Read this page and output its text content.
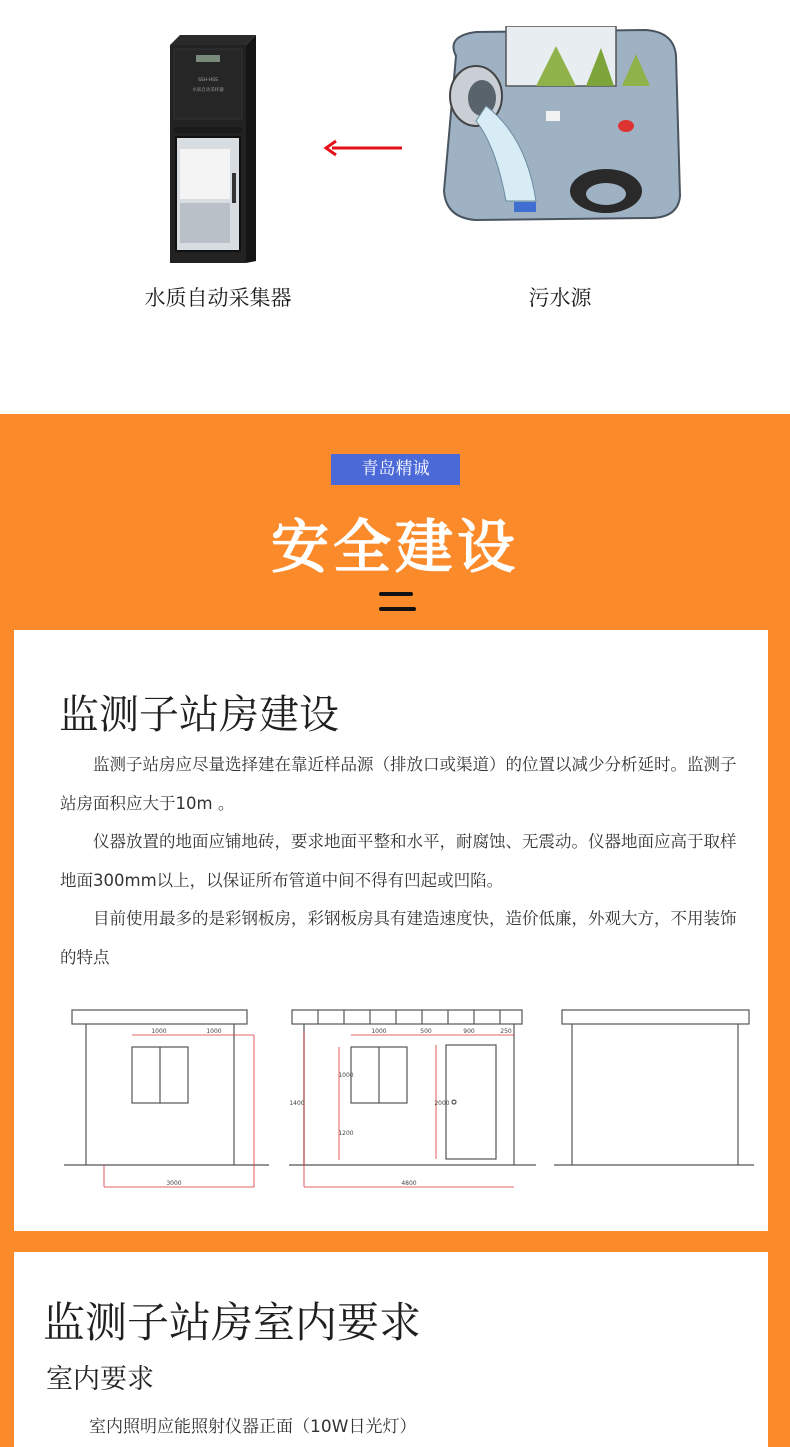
SSH-HSS
水质自动采样器
水质自动采集器	污水源
青岛精诚
安全建设
监测子站房建设

监测子站房应尽量选择建在靠近样品源（排放口或渠道）的位置以减少分析延时。监测子站房面积应大于10m 。

仪器放置的地面应铺地砖，要求地面平整和水平，耐腐蚀、无震动。仪器地面应高于取样地面300mm以上，以保证所布管道中间不得有凹起或凹陷。

目前使用最多的是彩钢板房，彩钢板房具有建造速度快，造价低廉，外观大方，不用装饰的特点

1000	1000
3000
1000	500	900	250
1000
1400
1200
2000
4800
监测子站房室内要求
室内要求
室内照明应能照射仪器正面（10W日光灯）
